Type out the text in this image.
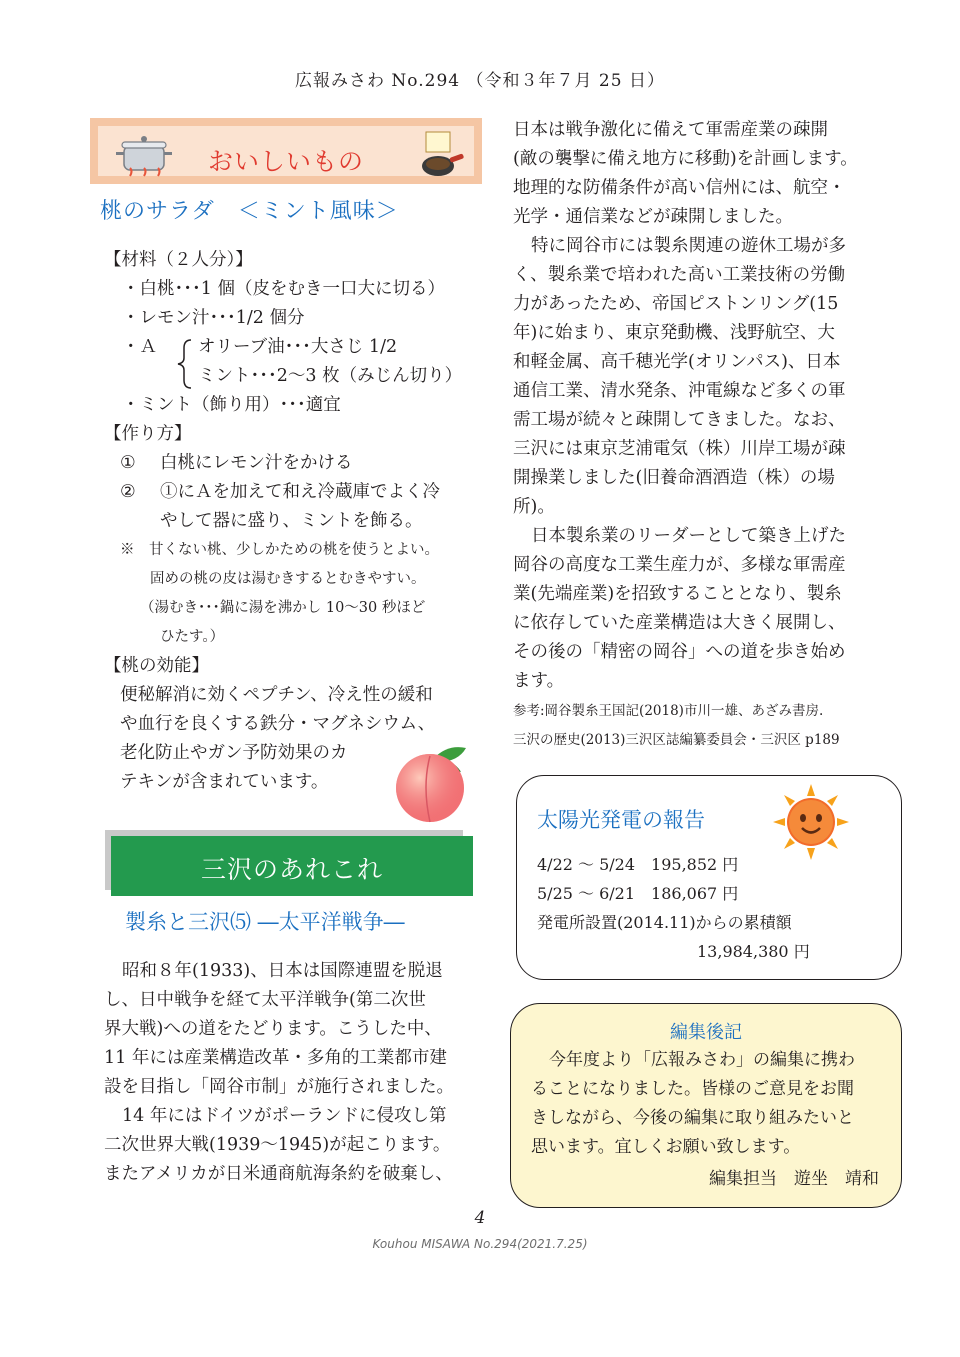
広報みさわ No.294 （令和３年７月 25 日）
おいしいもの
桃のサラダ　＜ミント風味＞
【材料（２人分）】
・白桃･･･1 個（皮をむき一口大に切る）
・レモン汁･･･1/2 個分
・Ａ オリーブ油･･･大さじ 1/2
ミント･･･2～3 枚（みじん切り）
・ミント（飾り用）･･･適宜
【作り方】
① 白桃にレモン汁をかける
② ①にＡを加えて和え冷蔵庫でよく冷
やして器に盛り、ミントを飾る。
※　甘くない桃、少しかための桃を使うとよい。
固めの桃の皮は湯むきするとむきやすい。
（湯むき･･･鍋に湯を沸かし 10～30 秒ほど
ひたす。）
【桃の効能】
便秘解消に効くペプチン、冷え性の緩和
や血行を良くする鉄分・マグネシウム、
老化防止やガン予防効果のカ
テキンが含まれています。
三沢のあれこれ
製糸と三沢⑸ ―太平洋戦争―
昭和８年(1933)、日本は国際連盟を脱退
し、日中戦争を経て太平洋戦争(第二次世
界大戦)への道をたどります。こうした中、
11 年には産業構造改革・多角的工業都市建
設を目指し「岡谷市制」が施行されました。
14 年にはドイツがポーランドに侵攻し第
二次世界大戦(1939～1945)が起こります。
またアメリカが日米通商航海条約を破棄し、
日本は戦争激化に備えて軍需産業の疎開
(敵の襲撃に備え地方に移動)を計画します。
地理的な防備条件が高い信州には、航空・
光学・通信業などが疎開しました。
特に岡谷市には製糸関連の遊休工場が多
く、製糸業で培われた高い工業技術の労働
力があったため、帝国ピストンリング(15
年)に始まり、東京発動機、浅野航空、大
和軽金属、高千穂光学(オリンパス)、日本
通信工業、清水発条、沖電線など多くの軍
需工場が続々と疎開してきました。なお、
三沢には東京芝浦電気（株）川岸工場が疎
開操業しました(旧養命酒酒造（株）の場
所)。
日本製糸業のリーダーとして築き上げた
岡谷の高度な工業生産力が、多様な軍需産
業(先端産業)を招致することとなり、製糸
に依存していた産業構造は大きく展開し、
その後の「精密の岡谷」への道を歩き始め
ます。
参考:岡谷製糸王国記(2018)市川一雄、あざみ書房.
三沢の歴史(2013)三沢区誌編纂委員会・三沢区 p189
太陽光発電の報告
4/22 ～ 5/24　195,852 円
5/25 ～ 6/21　186,067 円
発電所設置(2014.11)からの累積額
13,984,380 円
編集後記
今年度より「広報みさわ」の編集に携わ
ることになりました。皆様のご意見をお聞
きしながら、今後の編集に取り組みたいと
思います。宜しくお願い致します。
編集担当　遊坐　靖和
4
Kouhou MISAWA No.294(2021.7.25)
